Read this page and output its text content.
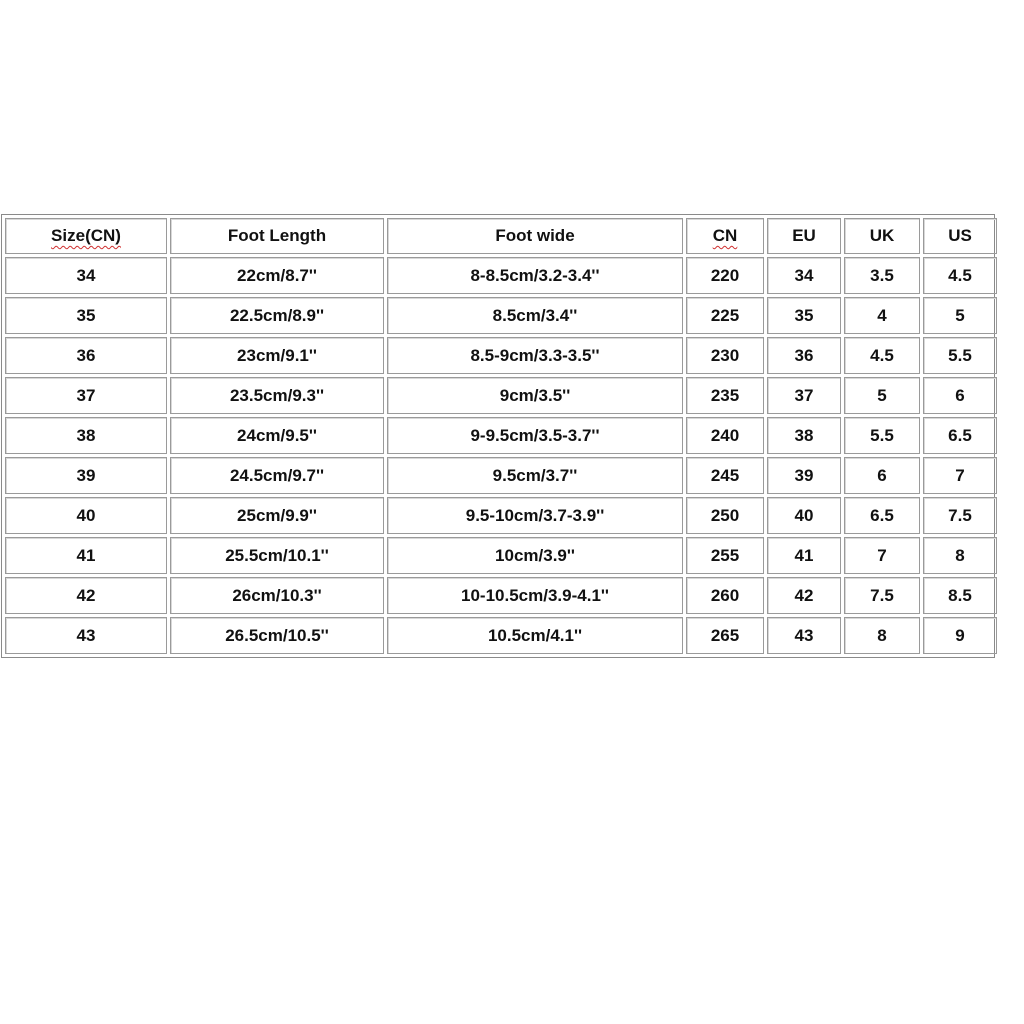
Size(CN)	Foot Length	Foot wide	CN	EU	UK	US
34	22cm/8.7''	8-8.5cm/3.2-3.4''	220	34	3.5	4.5
35	22.5cm/8.9''	8.5cm/3.4''	225	35	4	5
36	23cm/9.1''	8.5-9cm/3.3-3.5''	230	36	4.5	5.5
37	23.5cm/9.3''	9cm/3.5''	235	37	5	6
38	24cm/9.5''	9-9.5cm/3.5-3.7''	240	38	5.5	6.5
39	24.5cm/9.7''	9.5cm/3.7''	245	39	6	7
40	25cm/9.9''	9.5-10cm/3.7-3.9''	250	40	6.5	7.5
41	25.5cm/10.1''	10cm/3.9''	255	41	7	8
42	26cm/10.3''	10-10.5cm/3.9-4.1''	260	42	7.5	8.5
43	26.5cm/10.5''	10.5cm/4.1''	265	43	8	9
